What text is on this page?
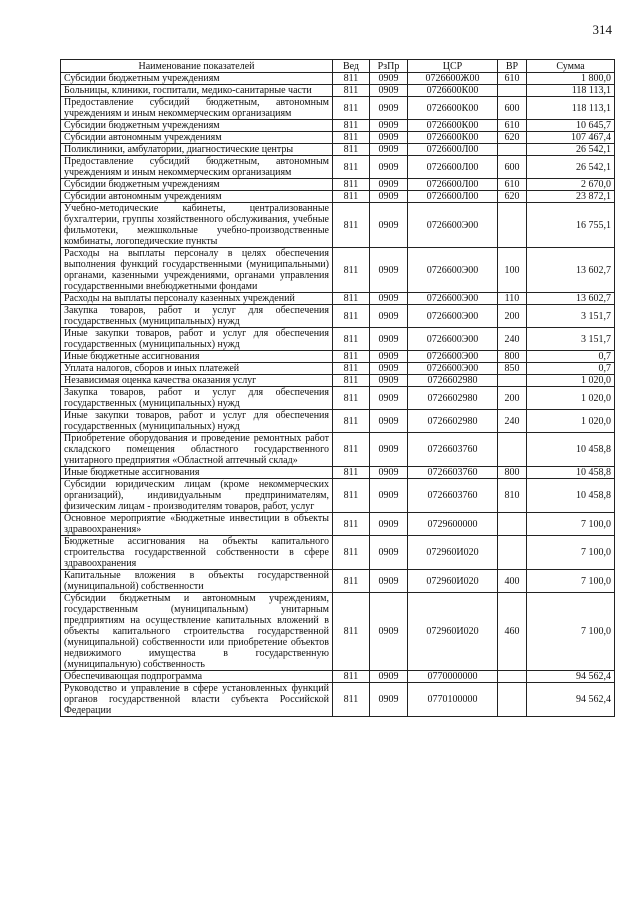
314
Наименование показателей	Вед	РзПр	ЦСР	ВР	Сумма
Субсидии бюджетным учреждениям	811	0909	0726600Ж00	610	1 800,0
Больницы, клиники, госпитали, медико-санитарные части	811	0909	0726600К00		118 113,1
Предоставление субсидий бюджетным, автономным учреждениям и иным некоммерческим организациям	811	0909	0726600К00	600	118 113,1
Субсидии бюджетным учреждениям	811	0909	0726600К00	610	10 645,7
Субсидии автономным учреждениям	811	0909	0726600К00	620	107 467,4
Поликлиники, амбулатории, диагностические центры	811	0909	0726600Л00		26 542,1
Предоставление субсидий бюджетным, автономным учреждениям и иным некоммерческим организациям	811	0909	0726600Л00	600	26 542,1
Субсидии бюджетным учреждениям	811	0909	0726600Л00	610	2 670,0
Субсидии автономным учреждениям	811	0909	0726600Л00	620	23 872,1
Учебно-методические кабинеты, централизованные бухгалтерии, группы хозяйственного обслуживания, учебные фильмотеки, межшкольные учебно-производственные комбинаты, логопедические пункты	811	0909	0726600Э00		16 755,1
Расходы на выплаты персоналу в целях обеспечения выполнения функций государственными (муниципальными) органами, казенными учреждениями, органами управления государственными внебюджетными фондами	811	0909	0726600Э00	100	13 602,7
Расходы на выплаты персоналу казенных учреждений	811	0909	0726600Э00	110	13 602,7
Закупка товаров, работ и услуг для обеспечения государственных (муниципальных) нужд	811	0909	0726600Э00	200	3 151,7
Иные закупки товаров, работ и услуг для обеспечения государственных (муниципальных) нужд	811	0909	0726600Э00	240	3 151,7
Иные бюджетные ассигнования	811	0909	0726600Э00	800	0,7
Уплата налогов, сборов и иных платежей	811	0909	0726600Э00	850	0,7
Независимая оценка качества оказания услуг	811	0909	0726602980		1 020,0
Закупка товаров, работ и услуг для обеспечения государственных (муниципальных) нужд	811	0909	0726602980	200	1 020,0
Иные закупки товаров, работ и услуг для обеспечения государственных (муниципальных) нужд	811	0909	0726602980	240	1 020,0
Приобретение оборудования и проведение ремонтных работ складского помещения областного государственного унитарного предприятия «Областной аптечный склад»	811	0909	0726603760		10 458,8
Иные бюджетные ассигнования	811	0909	0726603760	800	10 458,8
Субсидии юридическим лицам (кроме некоммерческих организаций), индивидуальным предпринимателям, физическим лицам - производителям товаров, работ, услуг	811	0909	0726603760	810	10 458,8
Основное мероприятие «Бюджетные инвестиции в объекты здравоохранения»	811	0909	0729600000		7 100,0
Бюджетные ассигнования на объекты капитального строительства государственной собственности в сфере здравоохранения	811	0909	072960И020		7 100,0
Капитальные вложения в объекты государственной (муниципальной) собственности	811	0909	072960И020	400	7 100,0
Субсидии бюджетным и автономным учреждениям, государственным (муниципальным) унитарным предприятиям на осуществление капитальных вложений в объекты капитального строительства государственной (муниципальной) собственности или приобретение объектов недвижимого имущества в государственную (муниципальную) собственность	811	0909	072960И020	460	7 100,0
Обеспечивающая подпрограмма	811	0909	0770000000		94 562,4
Руководство и управление в сфере установленных функций органов государственной власти субъекта Российской Федерации	811	0909	0770100000		94 562,4
